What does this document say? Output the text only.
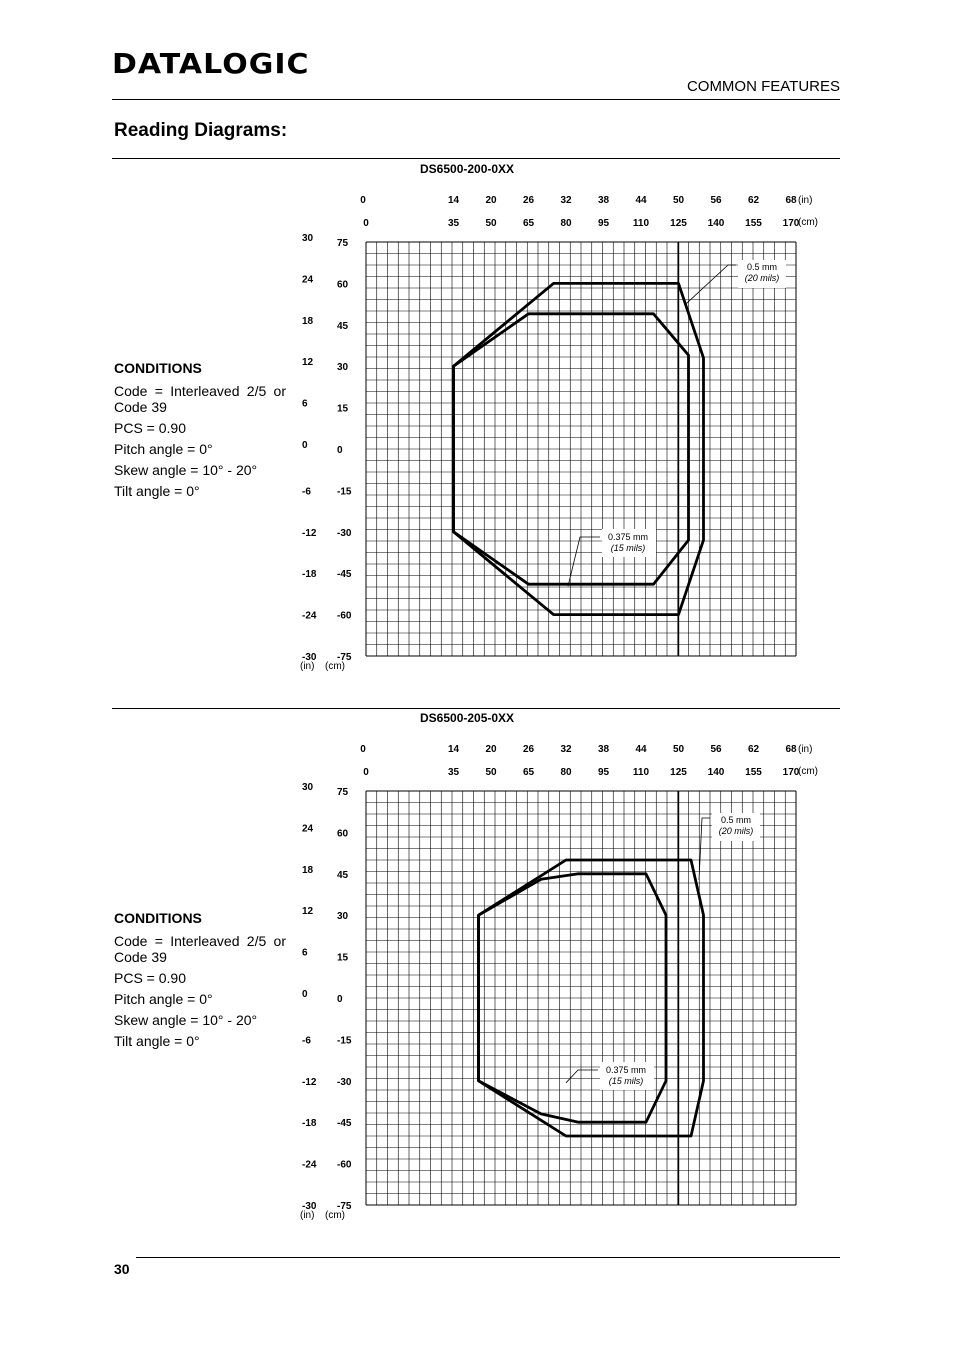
DATALOGIC
COMMON FEATURES
Reading Diagrams:
DS6500-200-0XX
CONDITIONS
Code = Interleaved 2/5 or Code 39
PCS = 0.90
Pitch angle = 0°
Skew angle = 10° - 20°
Tilt angle = 0°
0	14	20	26	32	38	44	50	56	62	68
0	35	50	65	80	95 110 125 140 155 170
(in)
(cm)
75
60
45
30
15
0
-15
-30
-45
-60
-75
30
24
18
12
6
0
-6
-12
-18
-24
-30
(in) (cm)
0.5 mm
(20 mils)
0.375 mm
(15 mils)
DS6500-205-0XX
CONDITIONS
Code = Interleaved 2/5 or Code 39
PCS = 0.90
Pitch angle = 0°
Skew angle = 10° - 20°
Tilt angle = 0°
0	14	20	26	32	38	44	50	56	62	68
0	35	50	65	80	95 110 125 140 155 170
(in)
(cm)
75
60
45
30
15
0
-15
-30
-45
-60
-75
30
24
18
12
6
0
-6
-12
-18
-24
-30
(in) (cm)
0.5 mm
(20 mils)
0.375 mm
(15 mils)
30
